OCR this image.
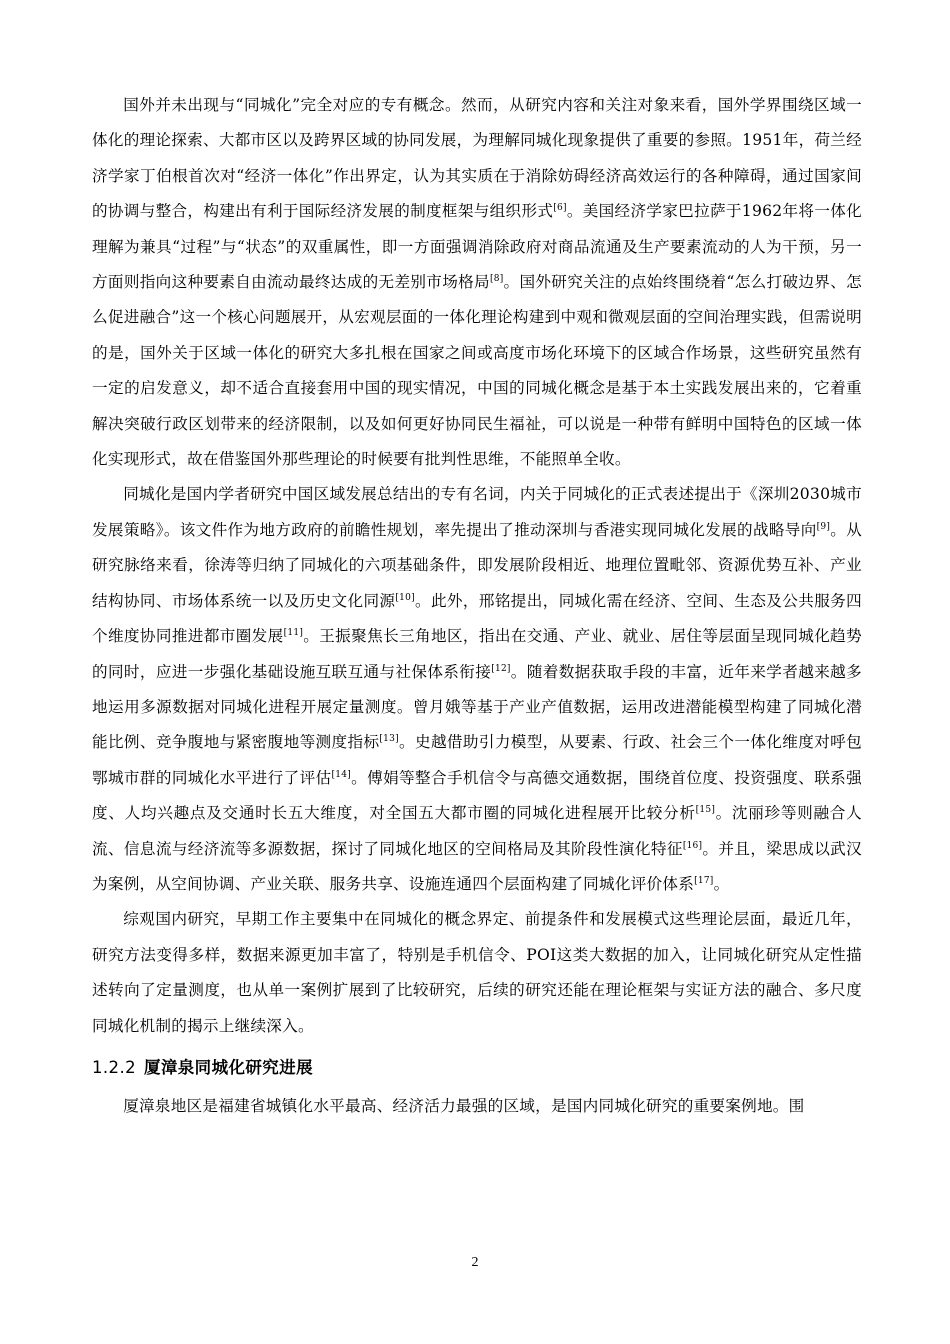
国外并未出现与“同城化”完全对应的专有概念。然而，从研究内容和关注对象来看，国外学界围绕区域一体化的理论探索、大都市区以及跨界区域的协同发展，为理解同城化现象提供了重要的参照。1951年，荷兰经济学家丁伯根首次对“经济一体化”作出界定，认为其实质在于消除妨碍经济高效运行的各种障碍，通过国家间的协调与整合，构建出有利于国际经济发展的制度框架与组织形式[6]。美国经济学家巴拉萨于1962年将一体化理解为兼具“过程”与“状态”的双重属性，即一方面强调消除政府对商品流通及生产要素流动的人为干预，另一方面则指向这种要素自由流动最终达成的无差别市场格局[8]。国外研究关注的点始终围绕着“怎么打破边界、怎么促进融合”这一个核心问题展开，从宏观层面的一体化理论构建到中观和微观层面的空间治理实践，但需说明的是，国外关于区域一体化的研究大多扎根在国家之间或高度市场化环境下的区域合作场景，这些研究虽然有一定的启发意义，却不适合直接套用中国的现实情况，中国的同城化概念是基于本土实践发展出来的，它着重解决突破行政区划带来的经济限制，以及如何更好协同民生福祉，可以说是一种带有鲜明中国特色的区域一体化实现形式，故在借鉴国外那些理论的时候要有批判性思维，不能照单全收。

同城化是国内学者研究中国区域发展总结出的专有名词，内关于同城化的正式表述提出于《深圳2030城市发展策略》。该文件作为地方政府的前瞻性规划，率先提出了推动深圳与香港实现同城化发展的战略导向[9]。从研究脉络来看，徐涛等归纳了同城化的六项基础条件，即发展阶段相近、地理位置毗邻、资源优势互补、产业结构协同、市场体系统一以及历史文化同源[10]。此外，邢铭提出，同城化需在经济、空间、生态及公共服务四个维度协同推进都市圈发展[11]。王振聚焦长三角地区，指出在交通、产业、就业、居住等层面呈现同城化趋势的同时，应进一步强化基础设施互联互通与社保体系衔接[12]。随着数据获取手段的丰富，近年来学者越来越多地运用多源数据对同城化进程开展定量测度。曾月娥等基于产业产值数据，运用改进潜能模型构建了同城化潜能比例、竞争腹地与紧密腹地等测度指标[13]。史越借助引力模型，从要素、行政、社会三个一体化维度对呼包鄂城市群的同城化水平进行了评估[14]。傅娟等整合手机信令与高德交通数据，围绕首位度、投资强度、联系强度、人均兴趣点及交通时长五大维度，对全国五大都市圈的同城化进程展开比较分析[15]。沈丽珍等则融合人流、信息流与经济流等多源数据，探讨了同城化地区的空间格局及其阶段性演化特征[16]。并且，梁思成以武汉为案例，从空间协调、产业关联、服务共享、设施连通四个层面构建了同城化评价体系[17]。

综观国内研究，早期工作主要集中在同城化的概念界定、前提条件和发展模式这些理论层面，最近几年，研究方法变得多样，数据来源更加丰富了，特别是手机信令、POI这类大数据的加入，让同城化研究从定性描述转向了定量测度，也从单一案例扩展到了比较研究，后续的研究还能在理论框架与实证方法的融合、多尺度同城化机制的揭示上继续深入。

1.2.2 厦漳泉同城化研究进展

厦漳泉地区是福建省城镇化水平最高、经济活力最强的区域，是国内同城化研究的重要案例地。围

2
